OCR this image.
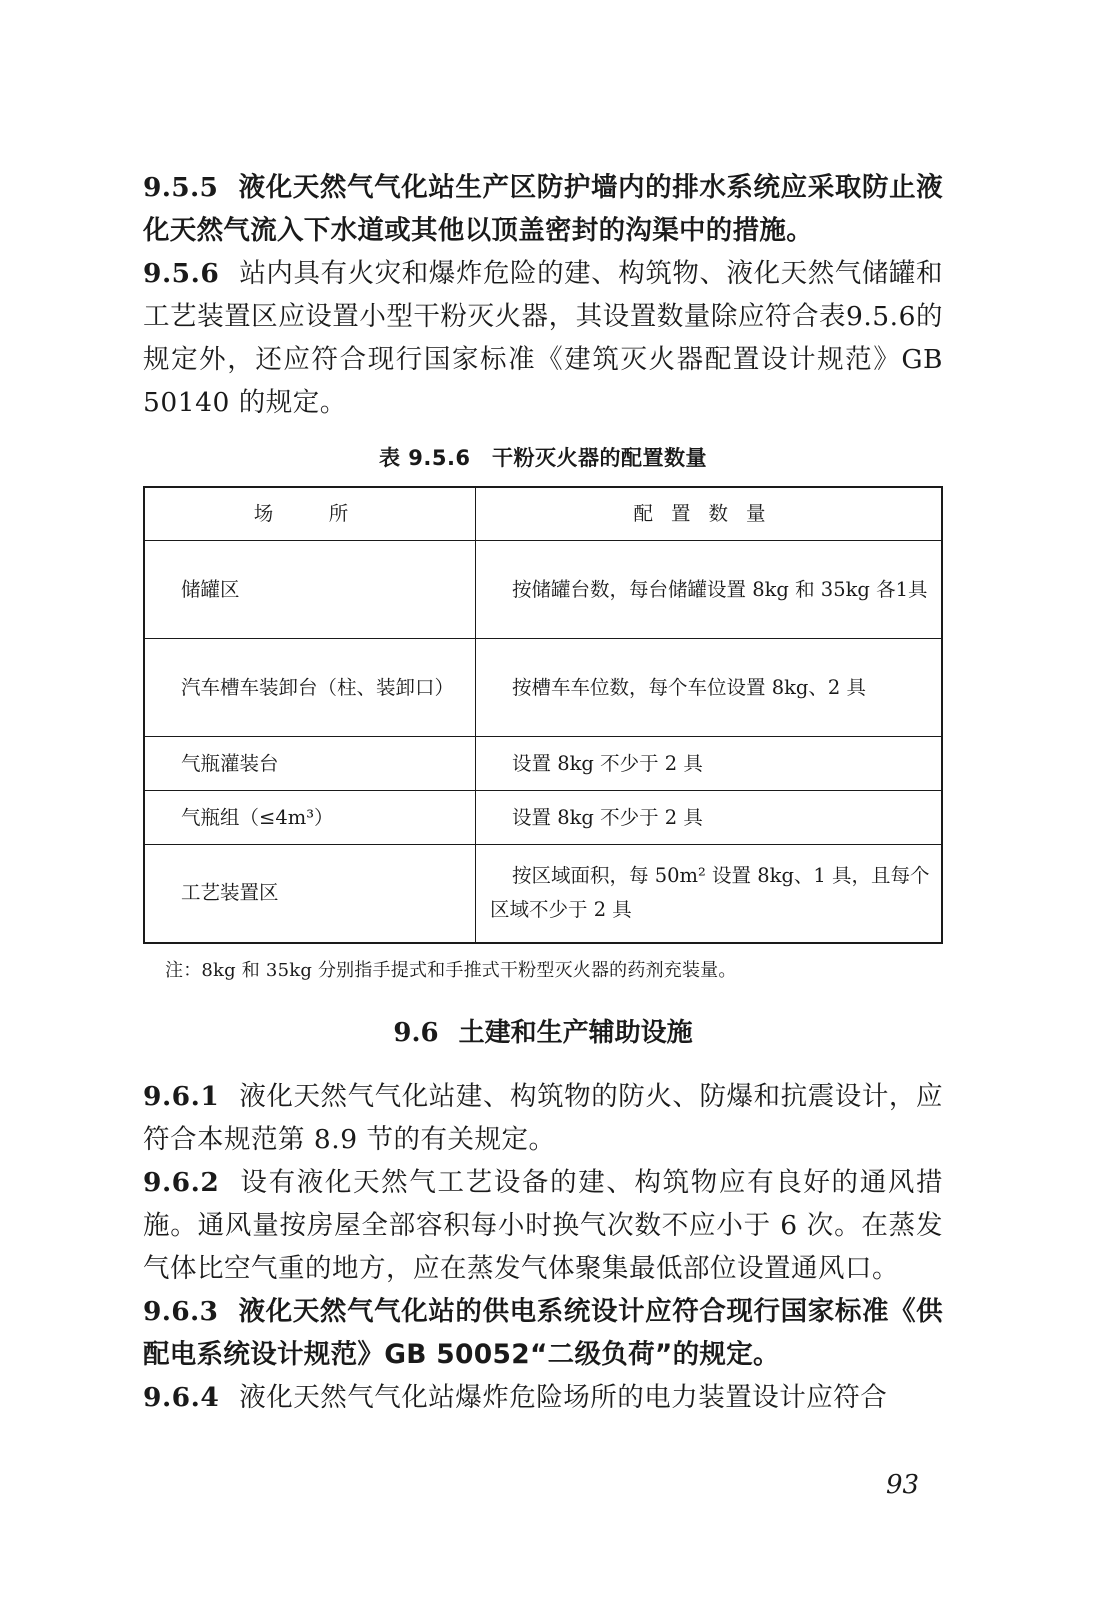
9.5.5 液化天然气气化站生产区防护墙内的排水系统应采取防止液化天然气流入下水道或其他以顶盖密封的沟渠中的措施。

9.5.6 站内具有火灾和爆炸危险的建、构筑物、液化天然气储罐和工艺装置区应设置小型干粉灭火器，其设置数量除应符合表9.5.6的规定外，还应符合现行国家标准《建筑灭火器配置设计规范》GB 50140 的规定。

表 9.5.6　干粉灭火器的配置数量
场　所	配置数量
储罐区	按储罐台数，每台储罐设置 8kg 和 35kg 各1具
汽车槽车装卸台（柱、装卸口）	按槽车车位数，每个车位设置 8kg、2 具
气瓶灌装台	设置 8kg 不少于 2 具
气瓶组（≤4m³）	设置 8kg 不少于 2 具
工艺装置区	按区域面积，每 50m² 设置 8kg、1 具，且每个区域不少于 2 具

注：8kg 和 35kg 分别指手提式和手推式干粉型灭火器的药剂充装量。

9.6 土建和生产辅助设施

9.6.1 液化天然气气化站建、构筑物的防火、防爆和抗震设计，应符合本规范第 8.9 节的有关规定。

9.6.2 设有液化天然气工艺设备的建、构筑物应有良好的通风措施。通风量按房屋全部容积每小时换气次数不应小于 6 次。在蒸发气体比空气重的地方，应在蒸发气体聚集最低部位设置通风口。

9.6.3 液化天然气气化站的供电系统设计应符合现行国家标准《供配电系统设计规范》GB 50052“二级负荷”的规定。

9.6.4 液化天然气气化站爆炸危险场所的电力装置设计应符合

93
